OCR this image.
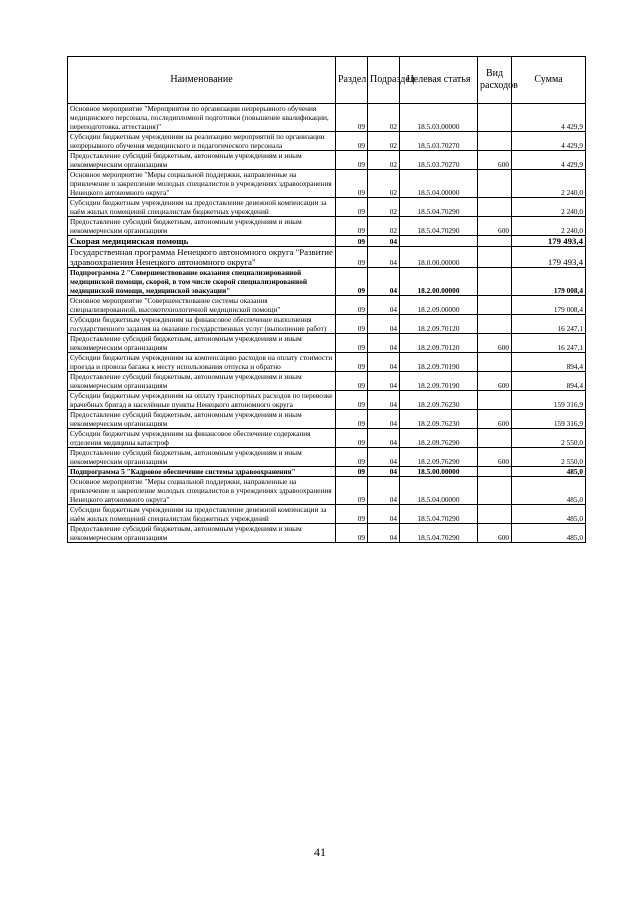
Наименование	Раздел	Подраздел	Целевая статья	Вид расходов	Сумма
Основное мероприятие "Мероприятия по организации непрерывного обучения медицинского персонала, последипломной подготовки (повышение квалификации, переподготовка, аттестация)"	09	02	18.5.03.00000		4 429,9
Субсидии бюджетным учреждениям на реализацию мероприятий по организации непрерывного обучения медицинского и педагогического персонала	09	02	18.5.03.70270		4 429,9
Предоставление субсидий бюджетным, автономным учреждениям и иным некоммерческим организациям	09	02	18.5.03.70270	600	4 429,9
Основное мероприятие "Меры социальной поддержки, направленные на привлечение и закрепление молодых специалистов в учреждениях здравоохранения Ненецкого автономного округа"	09	02	18.5.04.00000		2 240,0
Субсидии бюджетным учреждениям на предоставление денежной компенсации за наём жилых помещений специалистам бюджетных учреждений	09	02	18.5.04.70290		2 240,0
Предоставление субсидий бюджетным, автономным учреждениям и иным некоммерческим организациям	09	02	18.5.04.70290	600	2 240,0
Скорая медицинская помощь	09	04			179 493,4
Государственная программа Ненецкого автономного округа "Развитие здравоохранения Ненецкого автономного округа"	09	04	18.0.00.00000		179 493,4
Подпрограмма 2 "Совершенствование оказания специализированной медицинской помощи, скорой, в том числе скорой специализированной медицинской помощи, медицинской эвакуации"	09	04	18.2.00.00000		179 008,4
Основное мероприятие "Совершенствование системы оказания специализированной, высокотехнологичной медицинской помощи"	09	04	18.2.09.00000		179 008,4
Субсидии бюджетным учреждениям на финансовое обеспечение выполнения государственного задания на оказание государственных услуг (выполнение работ)	09	04	18.2.09.70120		16 247,1
Предоставление субсидий бюджетным, автономным учреждениям и иным некоммерческим организациям	09	04	18.2.09.70120	600	16 247,1
Субсидии бюджетным учреждениям на компенсацию расходов на оплату стоимости проезда и провоза багажа к месту использования отпуска и обратно	09	04	18.2.09.70190		894,4
Предоставление субсидий бюджетным, автономным учреждениям и иным некоммерческим организациям	09	04	18.2.09.70190	600	894,4
Субсидии бюджетным учреждениям на оплату транспортных расходов по перевозке врачебных бригад в населённые пункты Ненецкого автономного округа	09	04	18.2.09.76230		159 316,9
Предоставление субсидий бюджетным, автономным учреждениям и иным некоммерческим организациям	09	04	18.2.09.76230	600	159 316,9
Субсидии бюджетным учреждениям на финансовое обеспечение содержания отделения медицины катастроф	09	04	18.2.09.76290		2 550,0
Предоставление субсидий бюджетным, автономным учреждениям и иным некоммерческим организациям	09	04	18.2.09.76290	600	2 550,0
Подпрограмма 5 "Кадровое обеспечение системы здравоохранения"	09	04	18.5.00.00000		485,0
Основное мероприятие "Меры социальной поддержки, направленные на привлечение и закрепление молодых специалистов в учреждениях здравоохранения Ненецкого автономного округа"	09	04	18.5.04.00000		485,0
Субсидии бюджетным учреждениям на предоставление денежной компенсации за наём жилых помещений специалистам бюджетных учреждений	09	04	18.5.04.70290		485,0
Предоставление субсидий бюджетным, автономным учреждениям и иным некоммерческим организациям	09	04	18.5.04.70290	600	485,0
41
